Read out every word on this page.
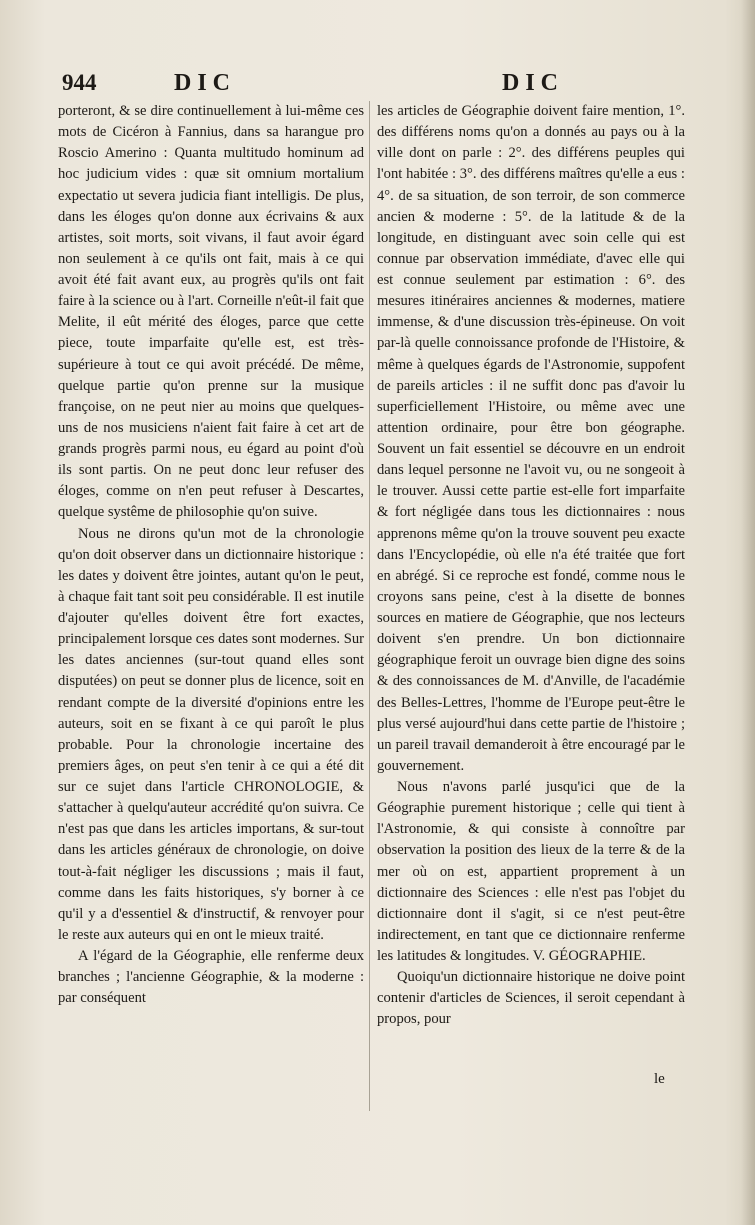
944	DIC	DIC

porteront, & se dire continuellement à lui-même ces mots de Cicéron à Fannius, dans sa harangue pro Roscio Amerino : Quanta multitudo hominum ad hoc judicium vides : quæ sit omnium mortalium expectatio ut severa judicia fiant intelligis. De plus, dans les éloges qu'on donne aux écrivains & aux artistes, soit morts, soit vivans, il faut avoir égard non seulement à ce qu'ils ont fait, mais à ce qui avoit été fait avant eux, au progrès qu'ils ont fait faire à la science ou à l'art. Corneille n'eût-il fait que Melite, il eût mérité des éloges, parce que cette piece, toute imparfaite qu'elle est, est très-supérieure à tout ce qui avoit précédé. De même, quelque partie qu'on prenne sur la musique françoise, on ne peut nier au moins que quelques-uns de nos musiciens n'aient fait faire à cet art de grands progrès parmi nous, eu égard au point d'où ils sont partis. On ne peut donc leur refuser des éloges, comme on n'en peut refuser à Descartes, quelque systême de philosophie qu'on suive.

Nous ne dirons qu'un mot de la chronologie qu'on doit observer dans un dictionnaire historique : les dates y doivent être jointes, autant qu'on le peut, à chaque fait tant soit peu considérable. Il est inutile d'ajouter qu'elles doivent être fort exactes, principalement lorsque ces dates sont modernes. Sur les dates anciennes (sur-tout quand elles sont disputées) on peut se donner plus de licence, soit en rendant compte de la diversité d'opinions entre les auteurs, soit en se fixant à ce qui paroît le plus probable. Pour la chronologie incertaine des premiers âges, on peut s'en tenir à ce qui a été dit sur ce sujet dans l'article CHRONOLOGIE, & s'attacher à quelqu'auteur accrédité qu'on suivra. Ce n'est pas que dans les articles importans, & sur-tout dans les articles généraux de chronologie, on doive tout-à-fait négliger les discussions ; mais il faut, comme dans les faits historiques, s'y borner à ce qu'il y a d'essentiel & d'instructif, & renvoyer pour le reste aux auteurs qui en ont le mieux traité.

A l'égard de la Géographie, elle renferme deux branches ; l'ancienne Géographie, & la moderne : par conséquent

les articles de Géographie doivent faire mention, 1°. des différens noms qu'on a donnés au pays ou à la ville dont on parle : 2°. des différens peuples qui l'ont habitée : 3°. des différens maîtres qu'elle a eus : 4°. de sa situation, de son terroir, de son commerce ancien & moderne : 5°. de la latitude & de la longitude, en distinguant avec soin celle qui est connue par observation immédiate, d'avec elle qui est connue seulement par estimation : 6°. des mesures itinéraires anciennes & modernes, matiere immense, & d'une discussion très-épineuse. On voit par-là quelle connoissance profonde de l'Histoire, & même à quelques égards de l'Astronomie, suppofent de pareils articles : il ne suffit donc pas d'avoir lu superficiellement l'Histoire, ou même avec une attention ordinaire, pour être bon géographe. Souvent un fait essentiel se découvre en un endroit dans lequel personne ne l'avoit vu, ou ne songeoit à le trouver. Aussi cette partie est-elle fort imparfaite & fort négligée dans tous les dictionnaires : nous apprenons même qu'on la trouve souvent peu exacte dans l'Encyclopédie, où elle n'a été traitée que fort en abrégé. Si ce reproche est fondé, comme nous le croyons sans peine, c'est à la disette de bonnes sources en matiere de Géographie, que nos lecteurs doivent s'en prendre. Un bon dictionnaire géographique feroit un ouvrage bien digne des soins & des connoissances de M. d'Anville, de l'académie des Belles-Lettres, l'homme de l'Europe peut-être le plus versé aujourd'hui dans cette partie de l'histoire ; un pareil travail demanderoit à être encouragé par le gouvernement.

Nous n'avons parlé jusqu'ici que de la Géographie purement historique ; celle qui tient à l'Astronomie, & qui consiste à connoître par observation la position des lieux de la terre & de la mer où on est, appartient proprement à un dictionnaire des Sciences : elle n'est pas l'objet du dictionnaire dont il s'agit, si ce n'est peut-être indirectement, en tant que ce dictionnaire renferme les latitudes & longitudes. V. GÉOGRAPHIE.

Quoiqu'un dictionnaire historique ne doive point contenir d'articles de Sciences, il seroit cependant à propos, pour

le
